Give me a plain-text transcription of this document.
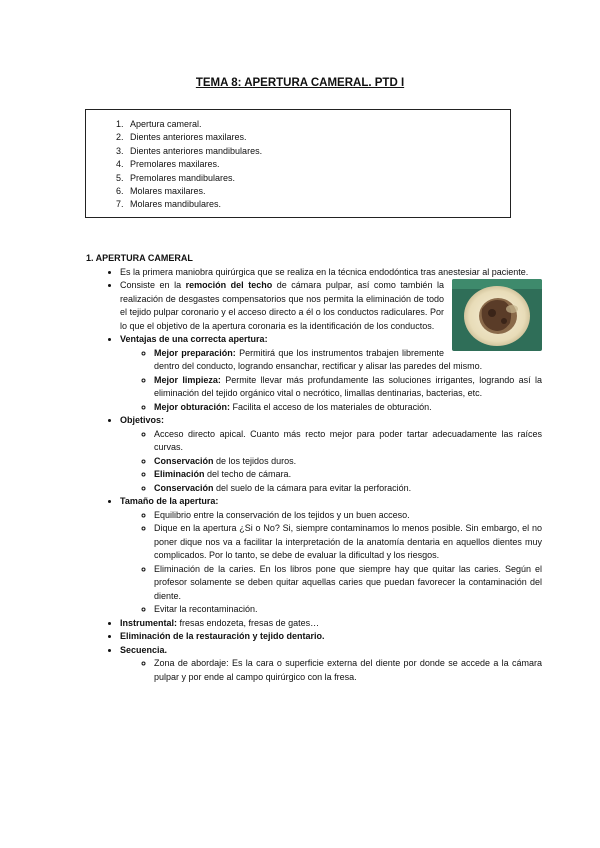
TEMA 8: APERTURA CAMERAL. PTD I
1. Apertura cameral.
2. Dientes anteriores maxilares.
3. Dientes anteriores mandibulares.
4. Premolares maxilares.
5. Premolares mandibulares.
6. Molares maxilares.
7. Molares mandibulares.

1. APERTURA CAMERAL

• Es la primera maniobra quirúrgica que se realiza en la técnica endodóntica tras anestesiar al paciente.
• Consiste en la remoción del techo de cámara pulpar, así como también la realización de desgastes compensatorios que nos permita la eliminación de todo el tejido pulpar coronario y el acceso directo a él o los conductos radiculares. Por lo que el objetivo de la apertura coronaria es la identificación de los conductos.
• Ventajas de una correcta apertura:
◦ Mejor preparación: Permitirá que los instrumentos trabajen libremente dentro del conducto, logrando ensanchar, rectificar y alisar las paredes del mismo.
◦ Mejor limpieza: Permite llevar más profundamente las soluciones irrigantes, logrando así la eliminación del tejido orgánico vital o necrótico, limallas dentinarias, bacterias, etc.
◦ Mejor obturación: Facilita el acceso de los materiales de obturación.
• Objetivos:
◦ Acceso directo apical. Cuanto más recto mejor para poder tartar adecuadamente las raíces curvas.
◦ Conservación de los tejidos duros.
◦ Eliminación del techo de cámara.
◦ Conservación del suelo de la cámara para evitar la perforación.
• Tamaño de la apertura:
◦ Equilibrio entre la conservación de los tejidos y un buen acceso.
◦ Dique en la apertura ¿Si o No? Si, siempre contaminamos lo menos posible. Sin embargo, el no poner dique nos va a facilitar la interpretación de la anatomía dentaria en aquellos dientes muy complicados. Por lo tanto, se debe de evaluar la dificultad y los riesgos.
◦ Eliminación de la caries. En los libros pone que siempre hay que quitar las caries. Según el profesor solamente se deben quitar aquellas caries que puedan favorecer la contaminación del diente.
◦ Evitar la recontaminación.
• Instrumental: fresas endozeta, fresas de gates…
• Eliminación de la restauración y tejido dentario.
• Secuencia.
◦ Zona de abordaje: Es la cara o superficie externa del diente por donde se accede a la cámara pulpar y por ende al campo quirúrgico con la fresa.
